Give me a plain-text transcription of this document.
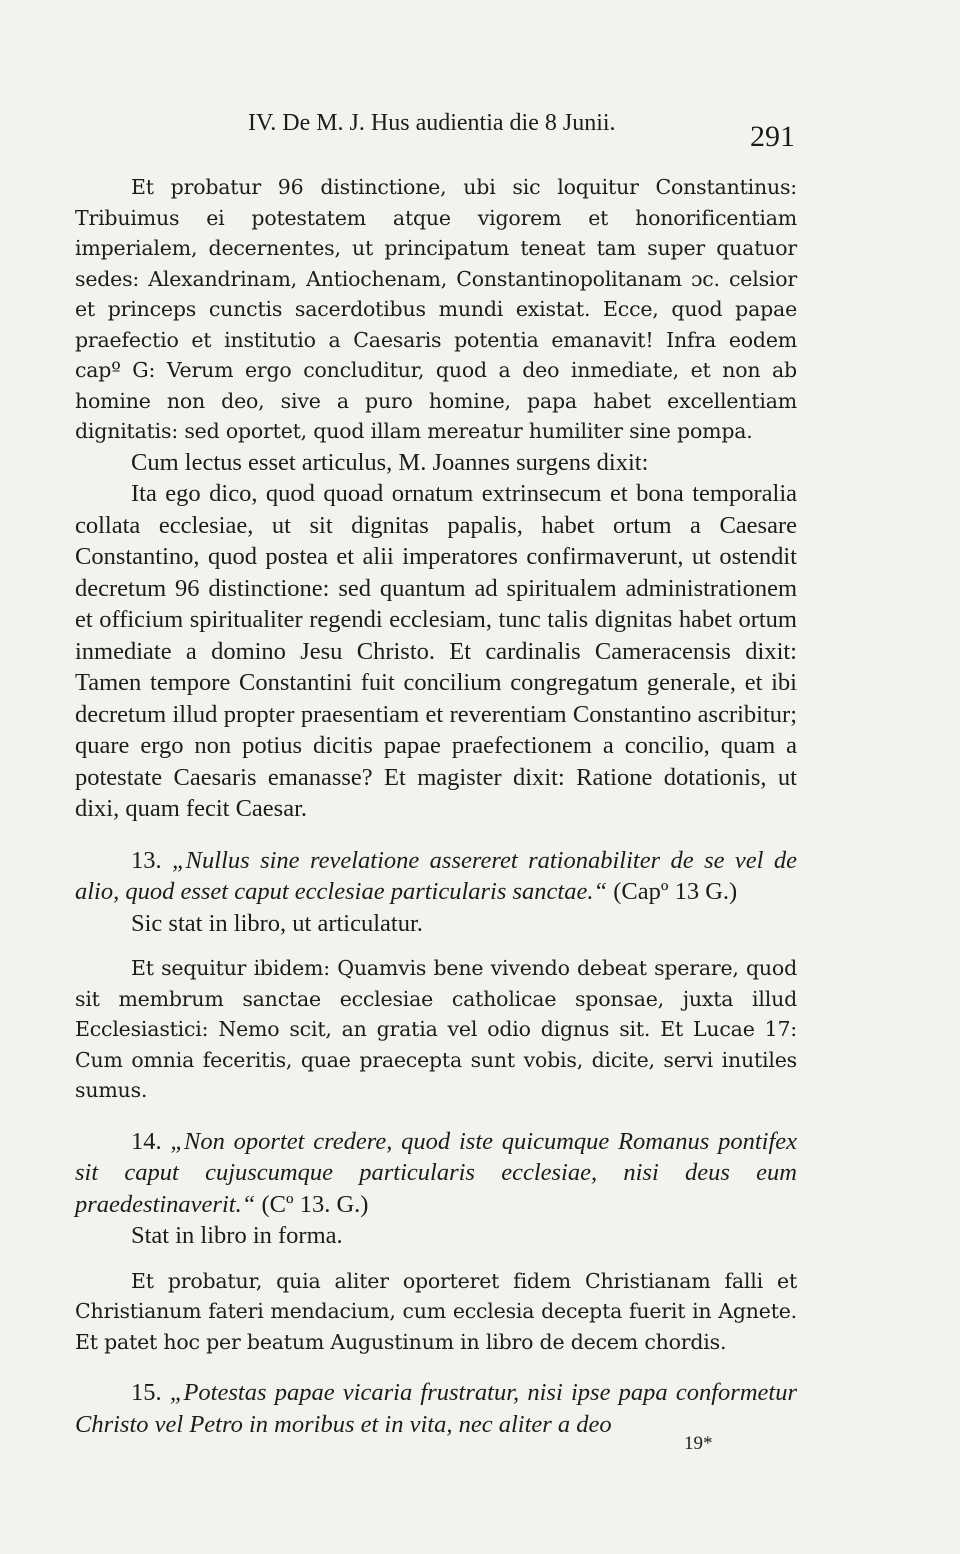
IV. De M. J. Hus audientia die 8 Junii.	291

Et probatur 96 distinctione, ubi sic loquitur Constantinus: Tribuimus ei potestatem atque vigorem et honorificentiam imperialem, decernentes, ut principatum teneat tam super quatuor sedes: Alexandrinam, Antiochenam, Constantinopolitanam ɔc. celsior et princeps cunctis sacerdotibus mundi existat. Ecce, quod papae praefectio et institutio a Caesaris potentia emanavit! Infra eodem capº G: Verum ergo concluditur, quod a deo inmediate, et non ab homine non deo, sive a puro homine, papa habet excellentiam dignitatis: sed oportet, quod illam mereatur humiliter sine pompa.

Cum lectus esset articulus, M. Joannes surgens dixit:

Ita ego dico, quod quoad ornatum extrinsecum et bona temporalia collata ecclesiae, ut sit dignitas papalis, habet ortum a Caesare Constantino, quod postea et alii imperatores confirmaverunt, ut ostendit decretum 96 distinctione: sed quantum ad spiritualem administrationem et officium spiritualiter regendi ecclesiam, tunc talis dignitas habet ortum inmediate a domino Jesu Christo. Et cardinalis Cameracensis dixit: Tamen tempore Constantini fuit concilium congregatum generale, et ibi decretum illud propter praesentiam et reverentiam Constantino ascribitur; quare ergo non potius dicitis papae praefectionem a concilio, quam a potestate Caesaris emanasse? Et magister dixit: Ratione dotationis, ut dixi, quam fecit Caesar.

13. „Nullus sine revelatione assereret rationabiliter de se vel de alio, quod esset caput ecclesiae particularis sanctae.“ (Capº 13 G.)

Sic stat in libro, ut articulatur.

Et sequitur ibidem: Quamvis bene vivendo debeat sperare, quod sit membrum sanctae ecclesiae catholicae sponsae, juxta illud Ecclesiastici: Nemo scit, an gratia vel odio dignus sit. Et Lucae 17: Cum omnia feceritis, quae praecepta sunt vobis, dicite, servi inutiles sumus.

14. „Non oportet credere, quod iste quicumque Romanus pontifex sit caput cujuscumque particularis ecclesiae, nisi deus eum praedestinaverit.“ (Cº 13. G.)

Stat in libro in forma.

Et probatur, quia aliter oporteret fidem Christianam falli et Christianum fateri mendacium, cum ecclesia decepta fuerit in Agnete. Et patet hoc per beatum Augustinum in libro de decem chordis.

15. „Potestas papae vicaria frustratur, nisi ipse papa conformetur Christo vel Petro in moribus et in vita, nec aliter a deo

19*
